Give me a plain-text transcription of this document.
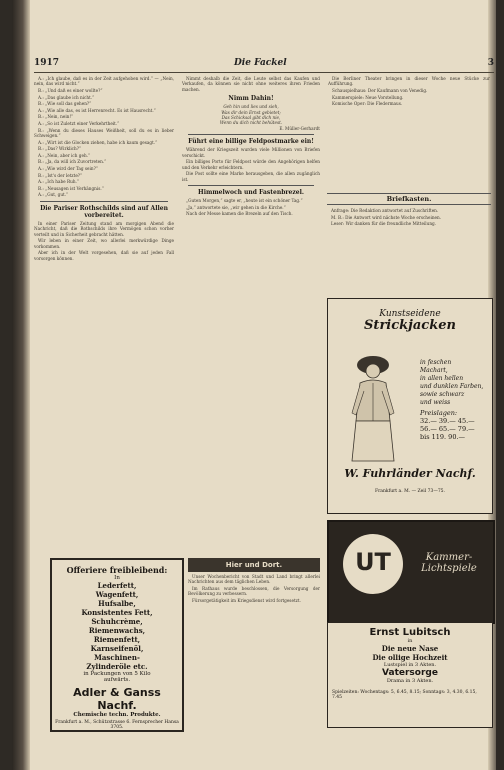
1917	Die Fackel	3

A.: „Ich glaube, daß es in der Zeit aufgehoben wird.“ — „Nein, nein, das wird nicht.“

B.: „Und daß es einer wollte?“

A.: „Das glaube ich nicht.“

B.: „Wie soll das gehen?“

A.: „Wie alle das, es ist Herrenrecht. Es ist Hausrecht.“

B.: „Nein, nein!“

A.: „So ist Zuletzt einer Verkehrtheit.“

B.: „Wenn du dieses Hauses Weißheit, soll du es in lieber Schweigen.“

A.: „Wirt ist die Glocken ziehen, habe ich kaum gesagt.“

B.: „Das? Wirklich?“

A.: „Nein, aber ich geh.“

B.: „Ja, da will ich Zuvortreten.“

A.: „Wie wird der Tag sein?“

B.: „Ist's der letzte?“

A.: „Ich habe Ruh.“

B.: „Neusagen ist Verhängnis.“

A.: „Gut, gut.“

Die Pariser Rothschilds sind auf Allen vorbereitet.

In einer Pariser Zeitung stand am morgigen Abend die Nachricht, daß die Rothschilds ihre Vermögen schon vorher verteilt und in Sicherheit gebracht hätten.

Wir leben in einer Zeit, wo allerlei merkwürdige Dinge vorkommen.

Aber ich in der Welt vorgesehen, daß sie auf jeden Fall vorsorgen können.

Nimmt deshalb die Zeit, die Leute selbst das Kaufen und Verkaufen, da können sie nicht ohne weiteres ihren Frieden machen.

Nimm Dahin!
Geh hin und lies und sieh,
Was dir dein Ernst gebietet;
Das Schicksal gibt dich nie,
Wenn du dich nicht behütest.
E. Müller-Gerhardt
Führt eine billige Feldpostmarke ein!

Während der Kriegszeit wurden viele Millionen von Briefen verschickt.

Ein billiges Porto für Feldpost würde den Angehörigen helfen und den Verkehr erleichtern.

Die Post sollte eine Marke herausgeben, die allen zugänglich ist.

Himmelwoch und Fastenbrezel.

„Guten Morgen,“ sagte er, „heute ist ein schöner Tag.“

„Ja,“ antwortete sie, „wir gehen in die Kirche.“

Nach der Messe kamen die Brezeln auf den Tisch.

Die Berliner Theater bringen in dieser Woche neue Stücke zur Aufführung.

Schauspielhaus: Der Kaufmann von Venedig.

Kammerspiele: Neue Vorstellung.

Komische Oper: Die Fledermaus.

Briefkasten.

Anfrage: Die Redaktion antwortet auf Zuschriften.

M. B.: Die Antwort wird nächste Woche erscheinen.

Leser: Wir danken für die freundliche Mitteilung.

Kunstseidene
Strickjacken
in feschen
Machart,
in allen hellen
und dunklen Farben,
sowie schwarz
und weiss
Preislagen:
32.— 39.— 45.—
56.— 65.— 79.—
bis 119. 90.—
W. Fuhrländer Nachf.
Frankfurt a. M. — Zeil 73—75.
Offeriere freibleibend:
In
Lederfett,
Wagenfett,
Hufsalbe,
Konsistentes Fett,
Schuhcrème,
Riemenwachs,
Riemenfett,
Karnseifenöl,
Maschinen-
Zylinderöle etc.
in Packungen von 5 Kilo
aufwärts.
Adler & Ganss Nachf.
Chemische techn. Produkte.
Frankfurt a. M., Schützstrasse 6. Fernsprecher Hansa 3705.
Hier und Dort.

Unser Wochenbericht von Stadt und Land bringt allerlei Nachrichten aus dem täglichen Leben.

Im Rathaus wurde beschlossen, die Versorgung der Bevölkerung zu verbessern.

Fürsorgetätigkeit im Kriegsdienst wird fortgesetzt.

UT	Kammer-Lichtspiele
Ernst Lubitsch
in
Die neue Nase
Die ollige Hochzeit
Lustspiel in 3 Akten.
Vatersorge
Drama in 3 Akten.
Spielzeiten: Wochentags: 5, 6.45, 8.15; Sonntags: 3, 4.30, 6.15, 7.45
